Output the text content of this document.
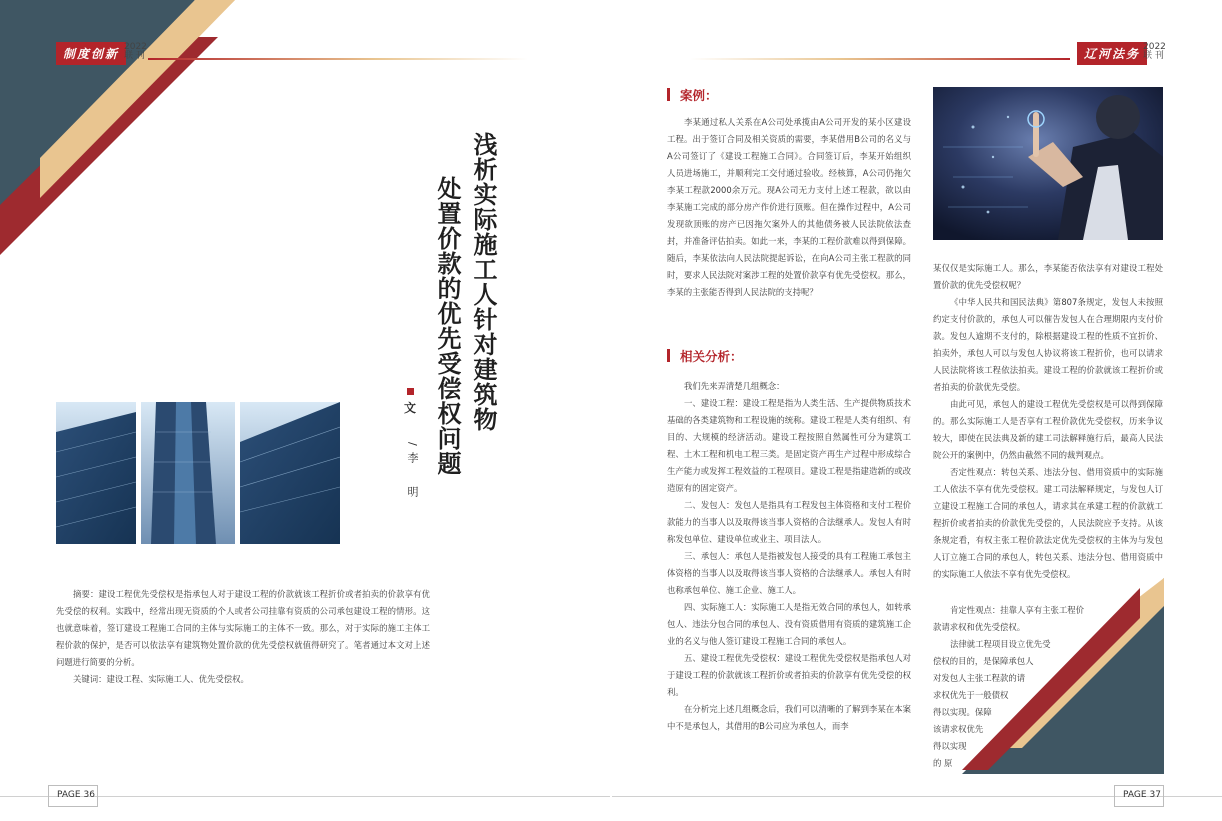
制度创新 2022
联 刊	辽河法务 2022
联 刊
浅析实际施工人针对建筑物
处置价款的优先受偿权问题
文
/李　明

摘要：建设工程优先受偿权是指承包人对于建设工程的价款就该工程折价或者拍卖的价款享有优先受偿的权利。实践中，经常出现无资质的个人或者公司挂靠有资质的公司承包建设工程的情形。这也就意味着，签订建设工程施工合同的主体与实际施工的主体不一致。那么，对于实际的施工主体工程价款的保护，是否可以依法享有建筑物处置价款的优先受偿权就值得研究了。笔者通过本文对上述问题进行简要的分析。

关键词：建设工程、实际施工人、优先受偿权。

案例：

李某通过私人关系在A公司处承揽由A公司开发的某小区建设工程。出于签订合同及相关资质的需要，李某借用B公司的名义与A公司签订了《建设工程施工合同》。合同签订后，李某开始组织人员进场施工，并顺利完工交付通过验收。经核算，A公司仍拖欠李某工程款2000余万元。现A公司无力支付上述工程款，欲以由李某施工完成的部分房产作价进行顶账。但在操作过程中，A公司发现欲顶账的房产已因拖欠案外人的其他债务被人民法院依法查封，并准备评估拍卖。如此一来，李某的工程价款难以得到保障。随后，李某依法向人民法院提起诉讼，在向A公司主张工程款的同时，要求人民法院对案涉工程的处置价款享有优先受偿权。那么，李某的主张能否得到人民法院的支持呢？

相关分析：

我们先来弄清楚几组概念：

一、建设工程：建设工程是指为人类生活、生产提供物质技术基础的各类建筑物和工程设施的统称。建设工程是人类有组织、有目的、大规模的经济活动。建设工程按照自然属性可分为建筑工程、土木工程和机电工程三类。是固定资产再生产过程中形成综合生产能力或发挥工程效益的工程项目。建设工程是指建造新的或改造原有的固定资产。

二、发包人：发包人是指具有工程发包主体资格和支付工程价款能力的当事人以及取得该当事人资格的合法继承人。发包人有时称发包单位、建设单位或业主、项目法人。

三、承包人：承包人是指被发包人接受的具有工程施工承包主体资格的当事人以及取得该当事人资格的合法继承人。承包人有时也称承包单位、施工企业、施工人。

四、实际施工人：实际施工人是指无效合同的承包人，如转承包人、违法分包合同的承包人、没有资质借用有资质的建筑施工企业的名义与他人签订建设工程施工合同的承包人。

五、建设工程优先受偿权：建设工程优先受偿权是指承包人对于建设工程的价款就该工程折价或者拍卖的价款享有优先受偿的权利。

在分析完上述几组概念后，我们可以清晰的了解到李某在本案中不是承包人，其借用的B公司应为承包人，而李

某仅仅是实际施工人。那么，李某能否依法享有对建设工程处置价款的优先受偿权呢？

《中华人民共和国民法典》第807条规定，发包人未按照约定支付价款的，承包人可以催告发包人在合理期限内支付价款。发包人逾期不支付的，除根据建设工程的性质不宜折价、拍卖外，承包人可以与发包人协议将该工程折价，也可以请求人民法院将该工程依法拍卖。建设工程的价款就该工程折价或者拍卖的价款优先受偿。

由此可见，承包人的建设工程优先受偿权是可以得到保障的。那么实际施工人是否享有工程价款优先受偿权，历来争议较大，即使在民法典及新的建工司法解释施行后，最高人民法院公开的案例中，仍然由截然不同的裁判观点。

否定性观点：转包关系、违法分包、借用资质中的实际施工人依法不享有优先受偿权。建工司法解释规定，与发包人订立建设工程施工合同的承包人，请求其在承建工程的价款就工程折价或者拍卖的价款优先受偿的，人民法院应予支持。从该条规定看，有权主张工程价款法定优先受偿权的主体为与发包人订立施工合同的承包人，转包关系、违法分包、借用资质中的实际施工人依法不享有优先受偿权。

肯定性观点：挂靠人享有主张工程价
款请求权和优先受偿权。
法律就工程项目设立优先受
偿权的目的，是保障承包人
对发包人主张工程款的请
求权优先于一般债权
得以实现。保障
该请求权优先
得以实现
的 原
PAGE 36	PAGE 37
